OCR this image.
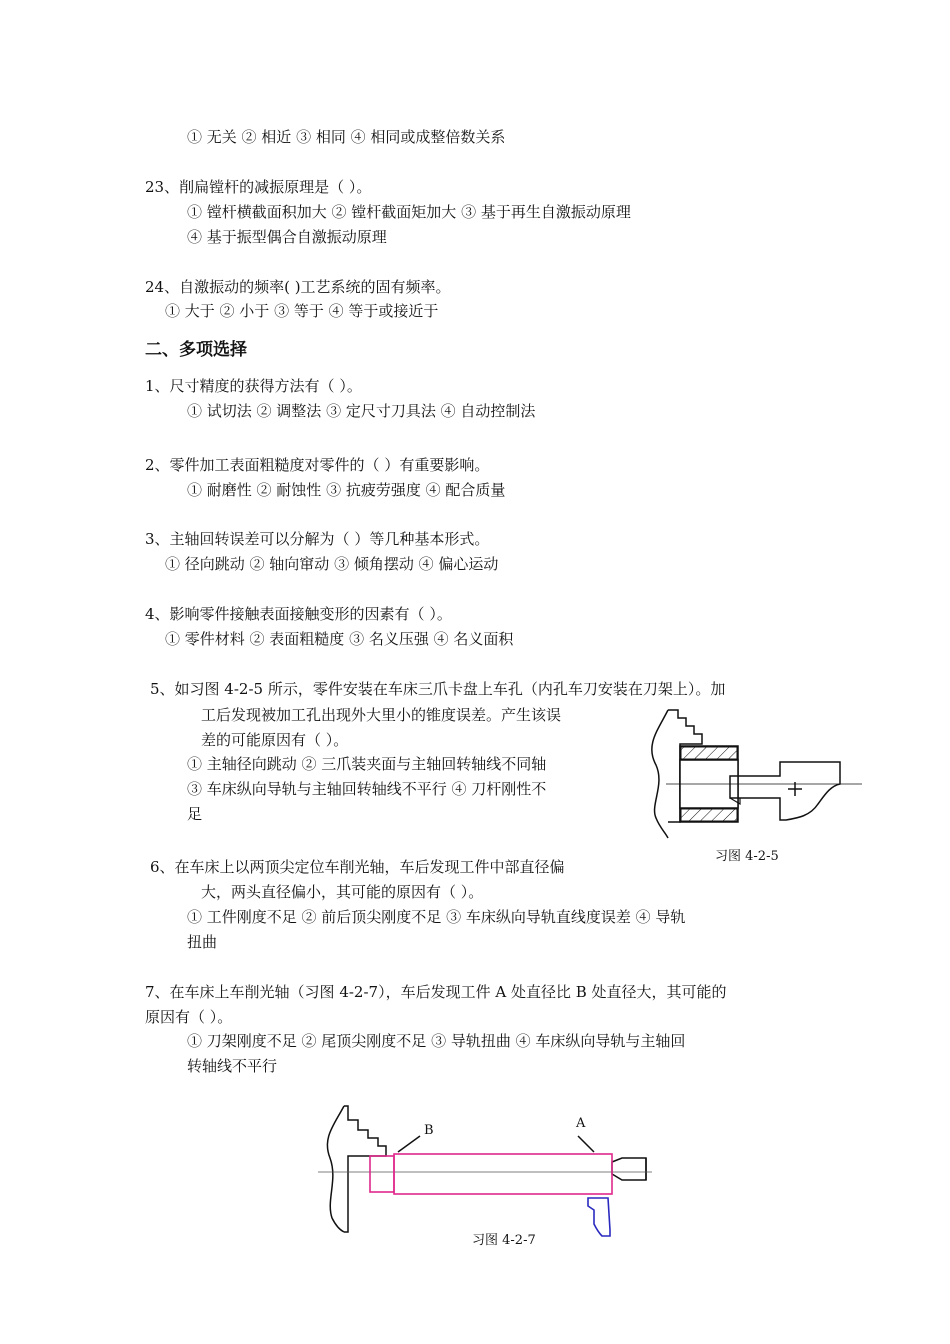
① 无关 ② 相近 ③ 相同 ④ 相同或成整倍数关系
23、削扁镗杆的减振原理是（ ）。
① 镗杆横截面积加大 ② 镗杆截面矩加大 ③ 基于再生自激振动原理
④ 基于振型偶合自激振动原理
24、自激振动的频率( )工艺系统的固有频率。
① 大于 ② 小于 ③ 等于 ④ 等于或接近于
二、多项选择
1、尺寸精度的获得方法有（ ）。
① 试切法 ② 调整法 ③ 定尺寸刀具法 ④ 自动控制法
2、零件加工表面粗糙度对零件的（ ）有重要影响。
① 耐磨性 ② 耐蚀性 ③ 抗疲劳强度 ④ 配合质量
3、主轴回转误差可以分解为（ ）等几种基本形式。
① 径向跳动 ② 轴向窜动 ③ 倾角摆动 ④ 偏心运动
4、影响零件接触表面接触变形的因素有（ ）。
① 零件材料 ② 表面粗糙度 ③ 名义压强 ④ 名义面积
5、如习图 4-2-5 所示，零件安装在车床三爪卡盘上车孔（内孔车刀安装在刀架上）。加
工后发现被加工孔出现外大里小的锥度误差。产生该误
差的可能原因有（ ）。
① 主轴径向跳动 ② 三爪装夹面与主轴回转轴线不同轴
③ 车床纵向导轨与主轴回转轴线不平行 ④ 刀杆刚性不
足
习图 4-2-5
6、在车床上以两顶尖定位车削光轴，车后发现工件中部直径偏
大，两头直径偏小，其可能的原因有（ ）。
① 工件刚度不足 ② 前后顶尖刚度不足 ③ 车床纵向导轨直线度误差 ④ 导轨
扭曲
7、在车床上车削光轴（习图 4-2-7），车后发现工件 A 处直径比 B 处直径大，其可能的
原因有（ ）。
① 刀架刚度不足 ② 尾顶尖刚度不足 ③ 导轨扭曲 ④ 车床纵向导轨与主轴回
转轴线不平行
B	A
习图 4-2-7
